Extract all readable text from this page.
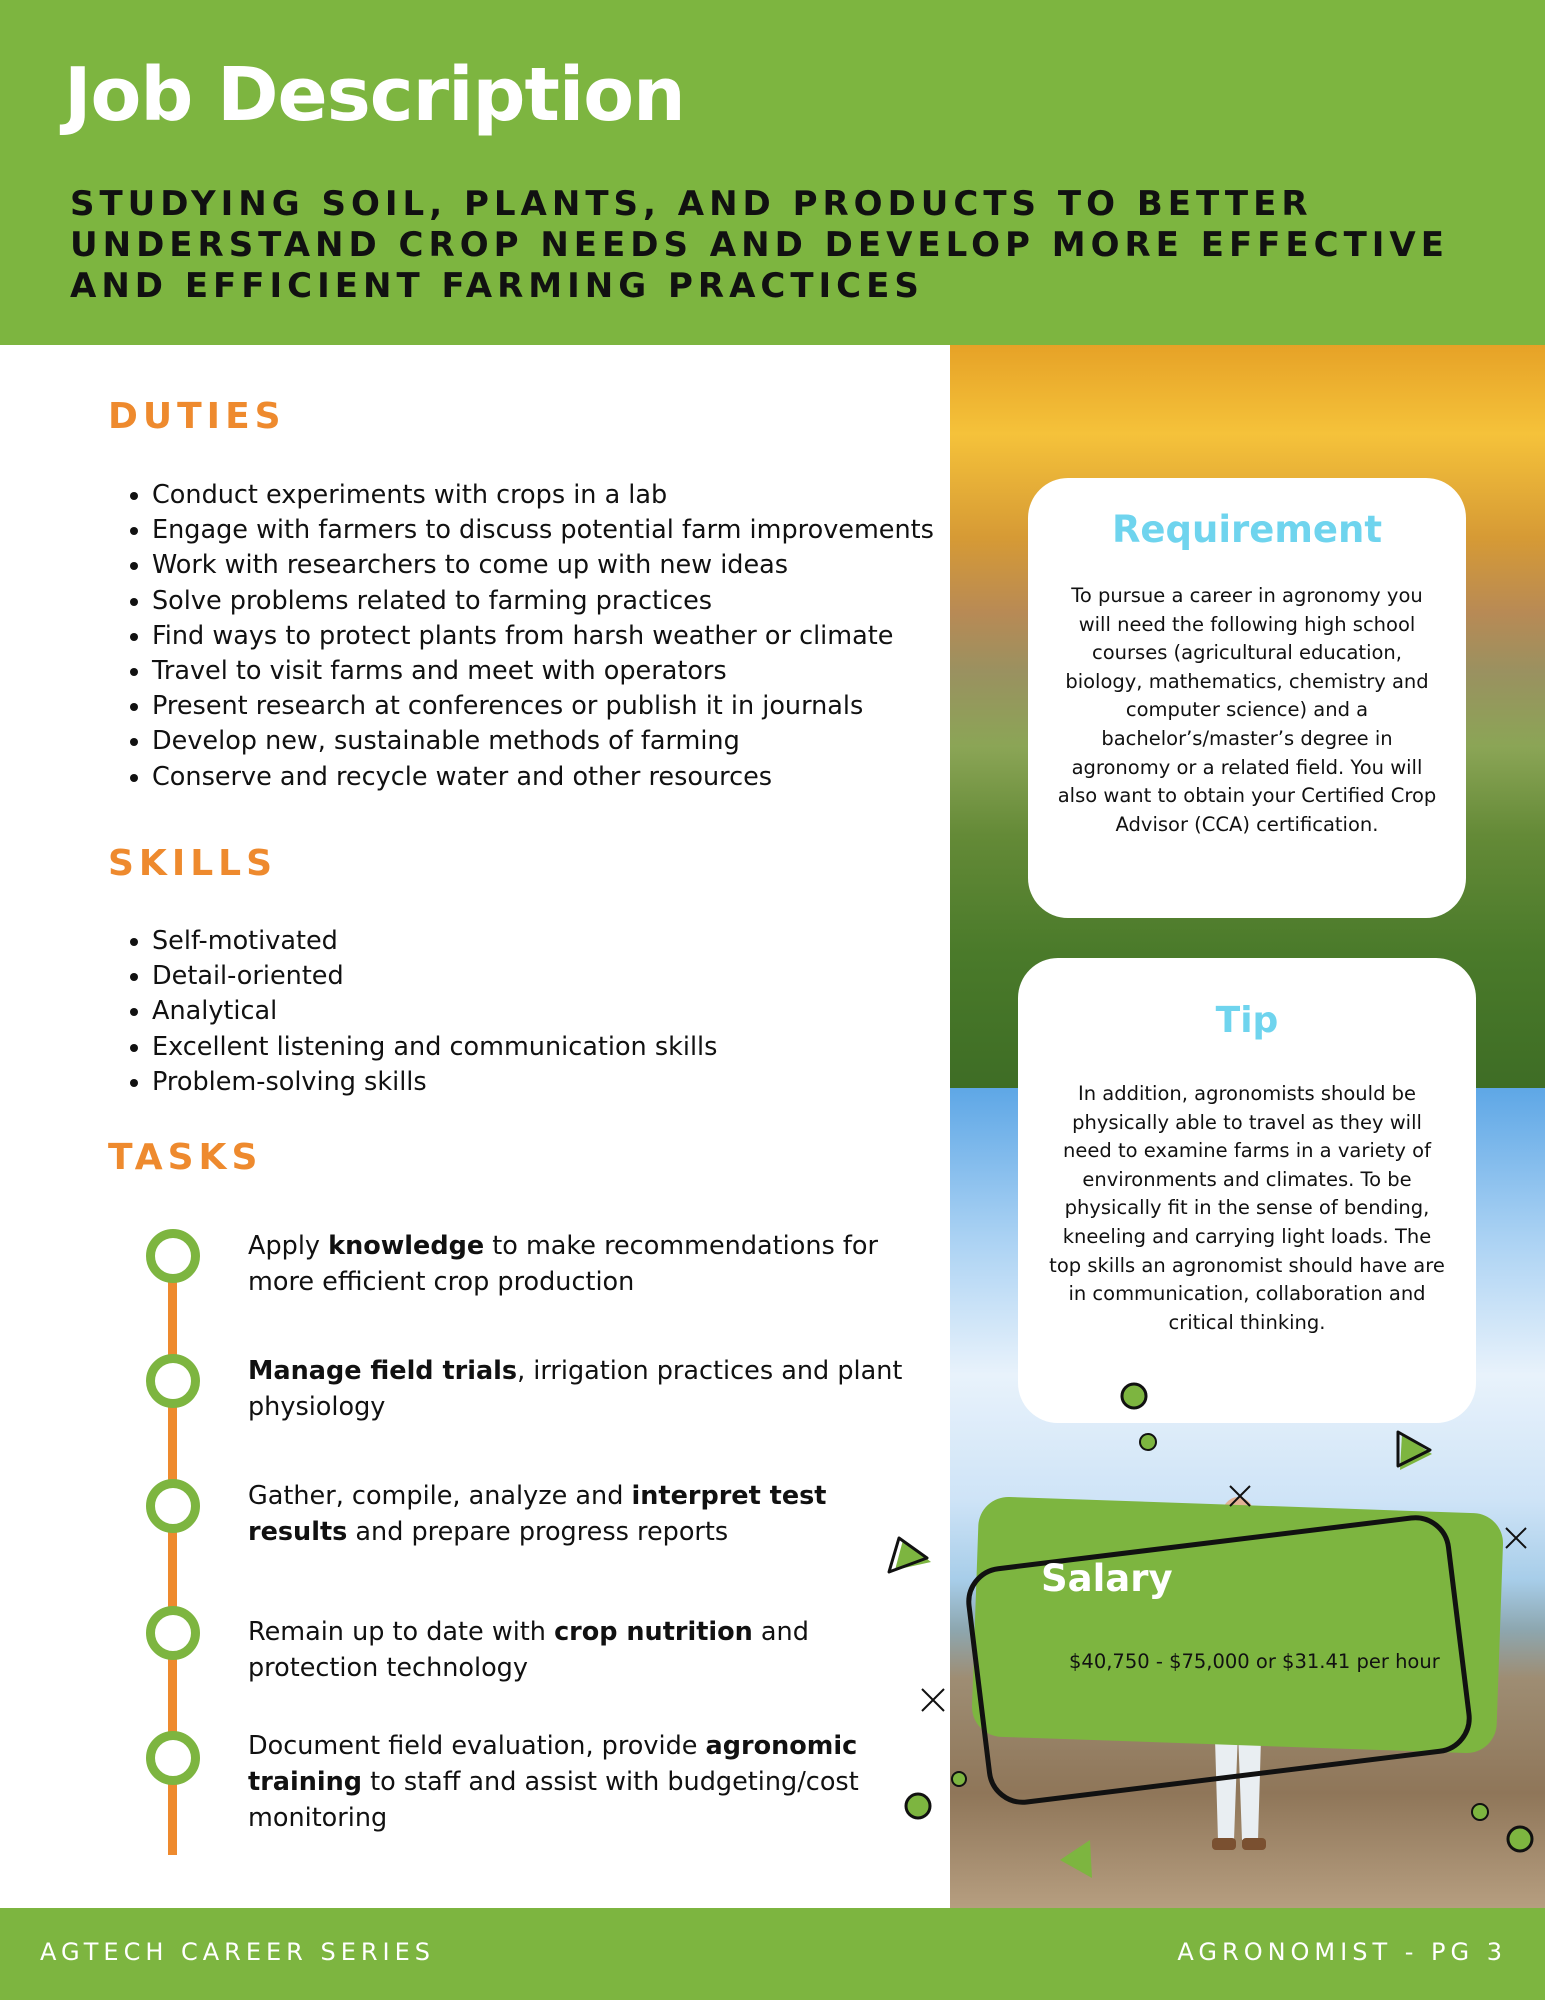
Job Description

STUDYING SOIL, PLANTS, AND PRODUCTS TO BETTER UNDERSTAND CROP NEEDS AND DEVELOP MORE EFFECTIVE AND EFFICIENT FARMING PRACTICES

DUTIES
• Conduct experiments with crops in a lab
• Engage with farmers to discuss potential farm improvements
• Work with researchers to come up with new ideas
• Solve problems related to farming practices
• Find ways to protect plants from harsh weather or climate
• Travel to visit farms and meet with operators
• Present research at conferences or publish it in journals
• Develop new, sustainable methods of farming
• Conserve and recycle water and other resources
SKILLS
• Self-motivated
• Detail-oriented
• Analytical
• Excellent listening and communication skills
• Problem-solving skills
TASKS
Apply knowledge to make recommendations for more efficient crop production
Manage field trials, irrigation practices and plant physiology
Gather, compile, analyze and interpret test results and prepare progress reports
Remain up to date with crop nutrition and protection technology
Document field evaluation, provide agronomic training to staff and assist with budgeting/cost monitoring
Requirement

To pursue a career in agronomy you will need the following high school courses (agricultural education, biology, mathematics, chemistry and computer science) and a bachelor’s/master’s degree in agronomy or a related field. You will also want to obtain your Certified Crop Advisor (CCA) certification.

Tip

In addition, agronomists should be physically able to travel as they will need to examine farms in a variety of environments and climates. To be physically fit in the sense of bending, kneeling and carrying light loads. The top skills an agronomist should have are in communication, collaboration and critical thinking.

Salary

$40,750 - $75,000 or $31.41 per hour

AGTECH CAREER SERIES	AGRONOMIST - PG 3
